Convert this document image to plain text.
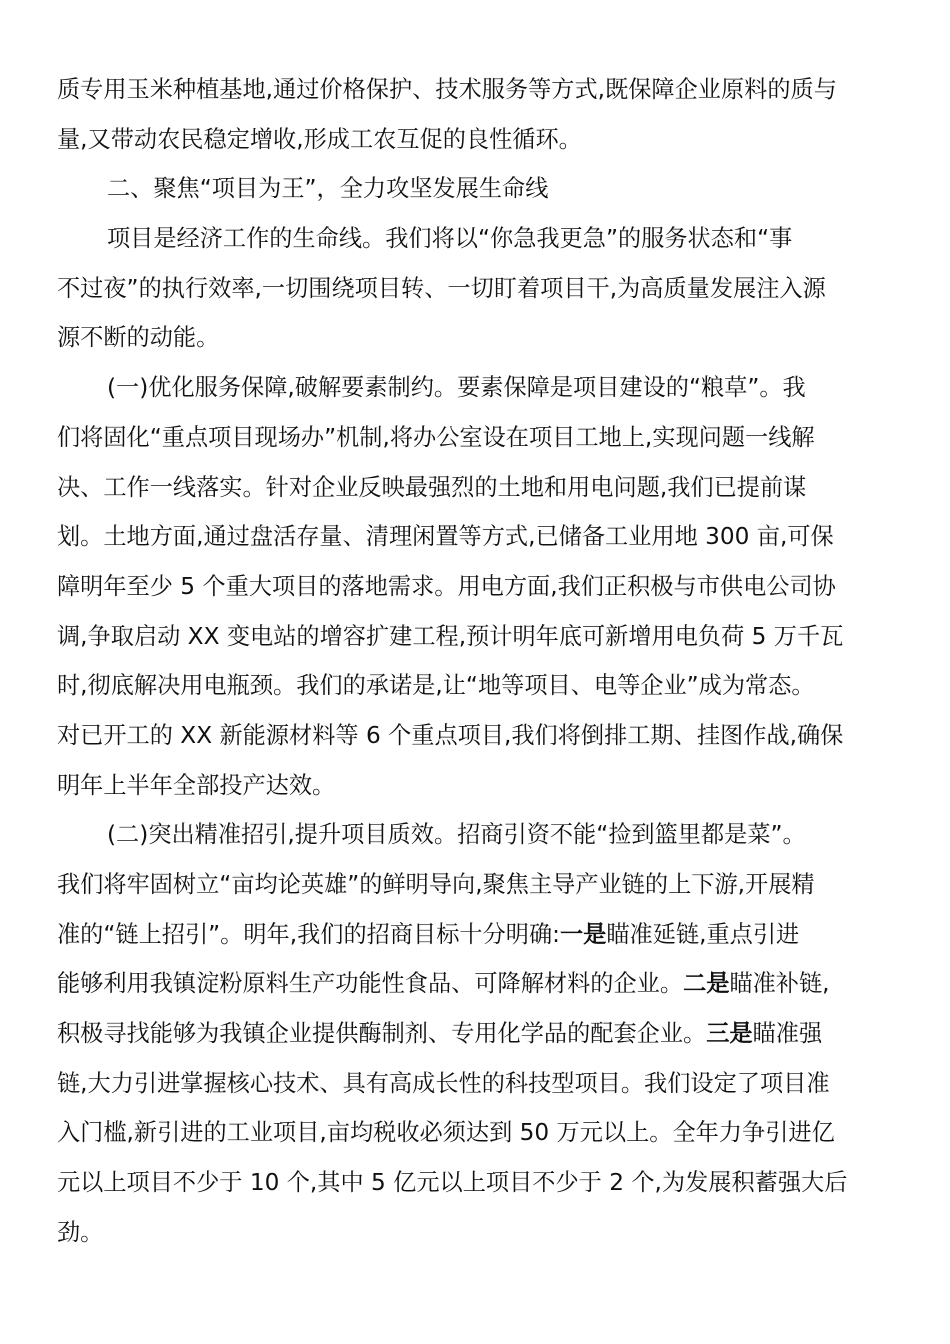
质专用玉米种植基地,通过价格保护、技术服务等方式,既保障企业原料的质与
量,又带动农民稳定增收,形成工农互促的良性循环。
二、聚焦“项目为王”，全力攻坚发展生命线
项目是经济工作的生命线。我们将以“你急我更急”的服务状态和“事
不过夜”的执行效率,一切围绕项目转、一切盯着项目干,为高质量发展注入源
源不断的动能。
(一)优化服务保障,破解要素制约。要素保障是项目建设的“粮草”。我
们将固化“重点项目现场办”机制,将办公室设在项目工地上,实现问题一线解
决、工作一线落实。针对企业反映最强烈的土地和用电问题,我们已提前谋
划。土地方面,通过盘活存量、清理闲置等方式,已储备工业用地 300 亩,可保
障明年至少 5 个重大项目的落地需求。用电方面,我们正积极与市供电公司协
调,争取启动 XX 变电站的增容扩建工程,预计明年底可新增用电负荷 5 万千瓦
时,彻底解决用电瓶颈。我们的承诺是,让“地等项目、电等企业”成为常态。
对已开工的 XX 新能源材料等 6 个重点项目,我们将倒排工期、挂图作战,确保
明年上半年全部投产达效。
(二)突出精准招引,提升项目质效。招商引资不能“捡到篮里都是菜”。
我们将牢固树立“亩均论英雄”的鲜明导向,聚焦主导产业链的上下游,开展精
准的“链上招引”。明年,我们的招商目标十分明确:一是瞄准延链,重点引进
能够利用我镇淀粉原料生产功能性食品、可降解材料的企业。二是瞄准补链,
积极寻找能够为我镇企业提供酶制剂、专用化学品的配套企业。三是瞄准强
链,大力引进掌握核心技术、具有高成长性的科技型项目。我们设定了项目准
入门槛,新引进的工业项目,亩均税收必须达到 50 万元以上。全年力争引进亿
元以上项目不少于 10 个,其中 5 亿元以上项目不少于 2 个,为发展积蓄强大后
劲。
